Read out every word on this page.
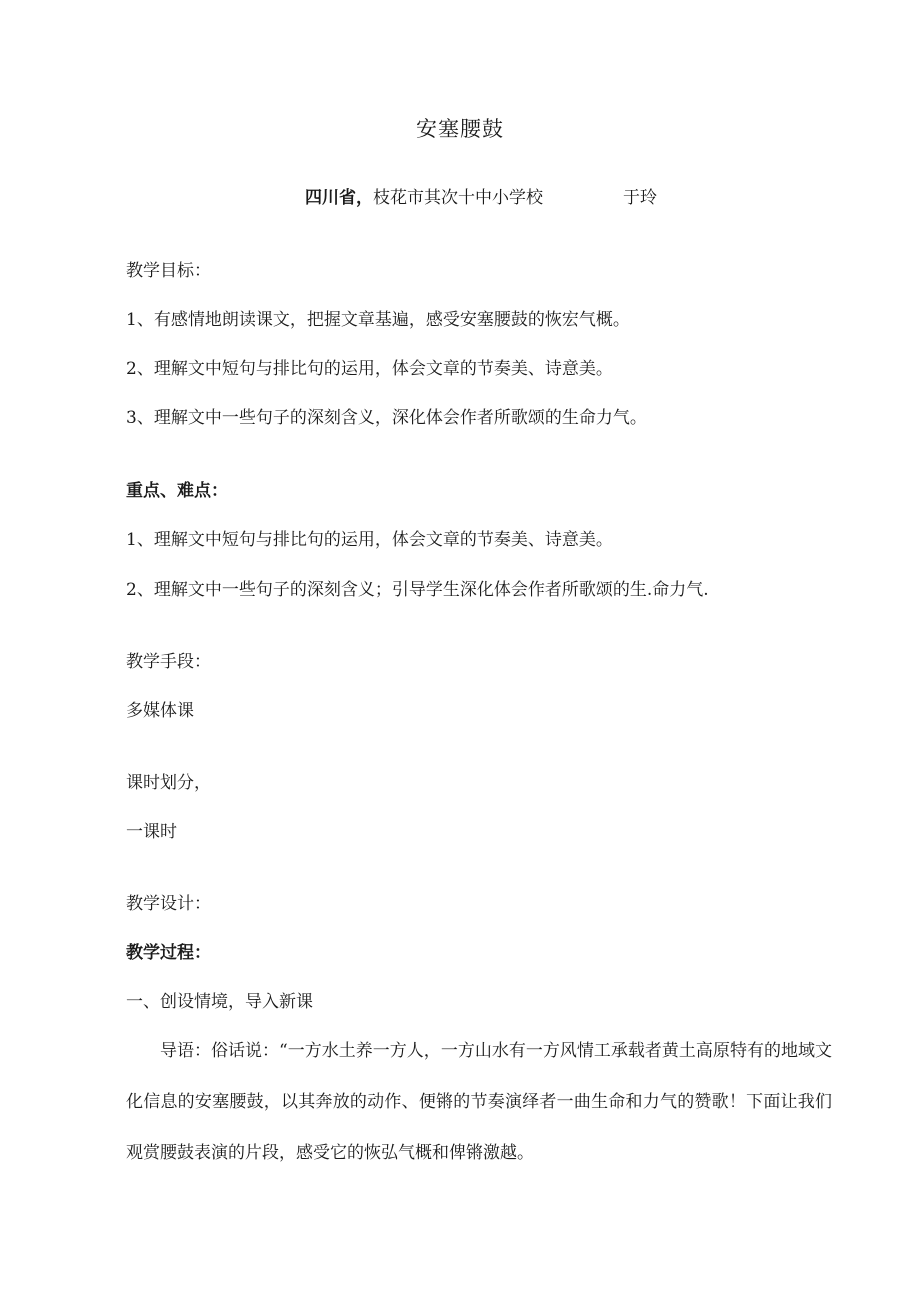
安塞腰鼓
四川省，枝花市其次十中小学校	于玲
教学目标：
1、有感情地朗读课文，把握文章基遍，感受安塞腰鼓的恢宏气概。
2、理解文中短句与排比句的运用，体会文章的节奏美、诗意美。
3、理解文中一些句子的深刻含义，深化体会作者所歌颂的生命力气。
重点、难点：
1、理解文中短句与排比句的运用，体会文章的节奏美、诗意美。
2、理解文中一些句子的深刻含义；引导学生深化体会作者所歌颂的生.命力气.
教学手段：
多媒体课
课时划分，
一课时
教学设计：
教学过程：
一、创设情境，导入新课
导语：俗话说：“一方水土养一方人，一方山水有一方风情工承载者黄土高原特有的地域文化信息的安塞腰鼓，以其奔放的动作、便锵的节奏演绎者一曲生命和力气的赞歌！下面让我们观赏腰鼓表演的片段，感受它的恢弘气概和俾锵激越。
